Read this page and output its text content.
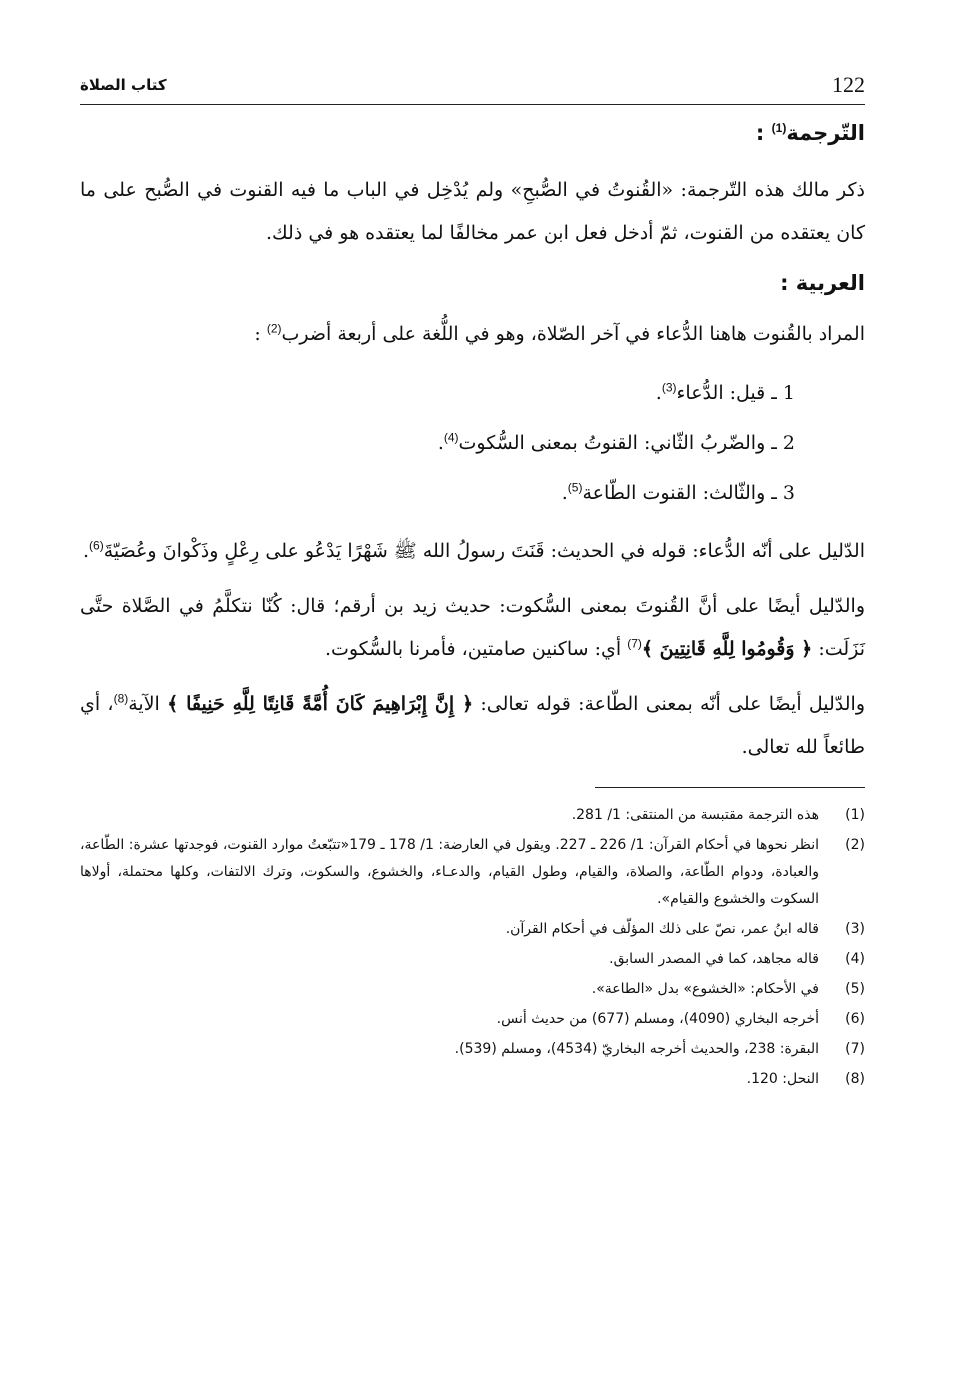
122
كتاب الصلاة
التّرجمة$^{(1)}$ :

ذكر مالك هذه التّرجمة: «القُنوتُ في الصُّبحِ» ولم يُدْخِل في الباب ما فيه القنوت في الصُّبح على ما كان يعتقده من القنوت، ثمّ أدخل فعل ابن عمر مخالفًا لما يعتقده هو في ذلك.

العربية :

المراد بالقُنوت هاهنا الدُّعاء في آخر الصّلاة، وهو في اللُّغة على أربعة أضرب$^{(2)}$ :

1 ـ قيل: الدُّعاء$^{(3)}$.

2 ـ والضّربُ الثّاني: القنوتُ بمعنى السُّكوت$^{(4)}$.

3 ـ والثّالث: القنوت الطّاعة$^{(5)}$.

الدّليل على أنّه الدُّعاء: قوله في الحديث: قَنَتَ رسولُ الله ﷺ شَهْرًا يَدْعُو على رِعْلٍ وذَكْوانَ وعُصَيّةَ$^{(6)}$.

والدّليل أيضًا على أنَّ القُنوتَ بمعنى السُّكوت: حديث زيد بن أرقم؛ قال: كُنّا نتكلَّمُ في الصَّلاة حتَّى نَزَلَت: ﴿ وَقُومُوا لِلَّهِ قَانِتِينَ ﴾$^{(7)}$ أي: ساكنين صامتين، فأمرنا بالسُّكوت.

والدّليل أيضًا على أنّه بمعنى الطّاعة: قوله تعالى: ﴿ إِنَّ إِبْرَاهِيمَ كَانَ أُمَّةً قَانِتًا لِلَّهِ حَنِيفًا ﴾ الآية$^{(8)}$، أي طائعاً لله تعالى.

(1)
هذه الترجمة مقتبسة من المنتقى: 1/ 281.
(2)
انظر نحوها في أحكام القرآن: 1/ 226 ـ 227. ويقول في العارضة: 1/ 178 ـ 179«تتبّعتُ موارد القنوت، فوجدتها عشرة: الطّاعة، والعبادة، ودوام الطّاعة، والصلاة، والقيام، وطول القيام، والدعـاء، والخشوع، والسكوت، وترك الالتفات، وكلها محتملة، أولاها السكوت والخشوع والقيام».
(3)
قاله ابنُ عمر، نصّ على ذلك المؤلّف في أحكام القرآن.
(4)
قاله مجاهد، كما في المصدر السابق.
(5)
في الأحكام: «الخشوع» بدل «الطاعة».
(6)
أخرجه البخاري (4090)، ومسلم (677) من حديث أنس.
(7)
البقرة: 238، والحديث أخرجه البخاريّ (4534)، ومسلم (539).
(8)
النحل: 120.
